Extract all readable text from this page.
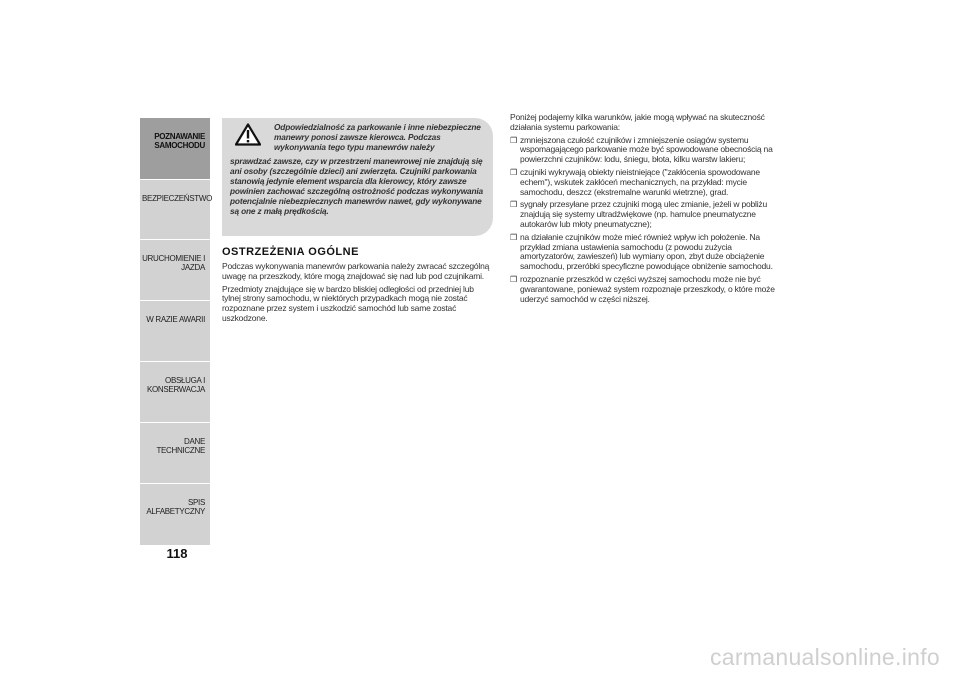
POZNAWANIE
SAMOCHODU
BEZPIECZEŃSTWO
URUCHOMIENIE I
JAZDA
W RAZIE AWARII
OBSŁUGA I
KONSERWACJA
DANE TECHNICZNE
SPIS ALFABETYCZNY
118
Odpowiedzialność za parkowanie i inne niebezpieczne manewry ponosi zawsze kierowca. Podczas wykonywania tego typu manewrów należy
sprawdzać zawsze, czy w przestrzeni manewrowej nie znajdują się ani osoby (szczególnie dzieci) ani zwierzęta. Czujniki parkowania stanowią jedynie element wsparcia dla kierowcy, który zawsze powinien zachować szczególną ostrożność podczas wykonywania potencjalnie niebezpiecznych manewrów nawet, gdy wykonywane są one z małą prędkością.
OSTRZEŻENIA OGÓLNE

Podczas wykonywania manewrów parkowania należy zwracać szczególną uwagę na przeszkody, które mogą znajdować się nad lub pod czujnikami.

Przedmioty znajdujące się w bardzo bliskiej odległości od przedniej lub tylnej strony samochodu, w niektórych przypadkach mogą nie zostać rozpoznane przez system i uszkodzić samochód lub same zostać uszkodzone.

Poniżej podajemy kilka warunków, jakie mogą wpływać na skuteczność działania systemu parkowania:

❒ zmniejszona czułość czujników i zmniejszenie osiągów systemu wspomagającego parkowanie może być spowodowane obecnością na powierzchni czujników: lodu, śniegu, błota, kilku warstw lakieru;
❒ czujniki wykrywają obiekty nieistniejące ("zakłócenia spowodowane echem"), wskutek zakłóceń mechanicznych, na przykład: mycie samochodu, deszcz (ekstremalne warunki wietrzne), grad.
❒ sygnały przesyłane przez czujniki mogą ulec zmianie, jeżeli w pobliżu znajdują się systemy ultradźwiękowe (np. hamulce pneumatyczne autokarów lub młoty pneumatyczne);
❒ na działanie czujników może mieć również wpływ ich położenie. Na przykład zmiana ustawienia samochodu (z powodu zużycia amortyzatorów, zawieszeń) lub wymiany opon, zbyt duże obciążenie samochodu, przeróbki specyficzne powodujące obniżenie samochodu.
❒ rozpoznanie przeszkód w części wyższej samochodu może nie być gwarantowane, ponieważ system rozpoznaje przeszkody, o które może uderzyć samochód w części niższej.
carmanualsonline.info
